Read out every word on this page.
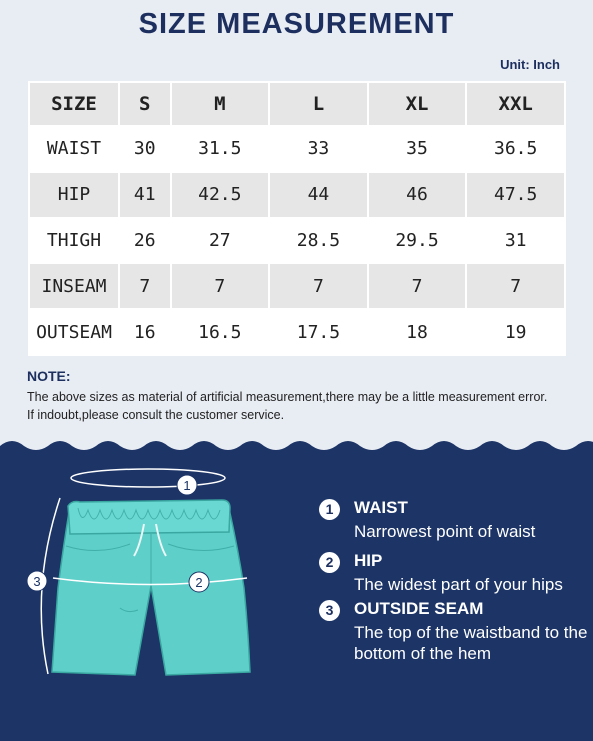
SIZE MEASUREMENT
Unit: Inch
SIZE	S	M	L	XL	XXL
WAIST	30	31.5	33	35	36.5
HIP	41	42.5	44	46	47.5
THIGH	26	27	28.5	29.5	31
INSEAM	7	7	7	7	7
OUTSEAM	16	16.5	17.5	18	19
NOTE:
The above sizes as material of artificial measurement,there may be a little measurement error.
If indoubt,please consult the customer service.
1
2
3
1	WAIST
Narrowest point of waist
2	HIP
The widest part of your hips
3	OUTSIDE SEAM
The top of the waistband to the bottom of the hem
